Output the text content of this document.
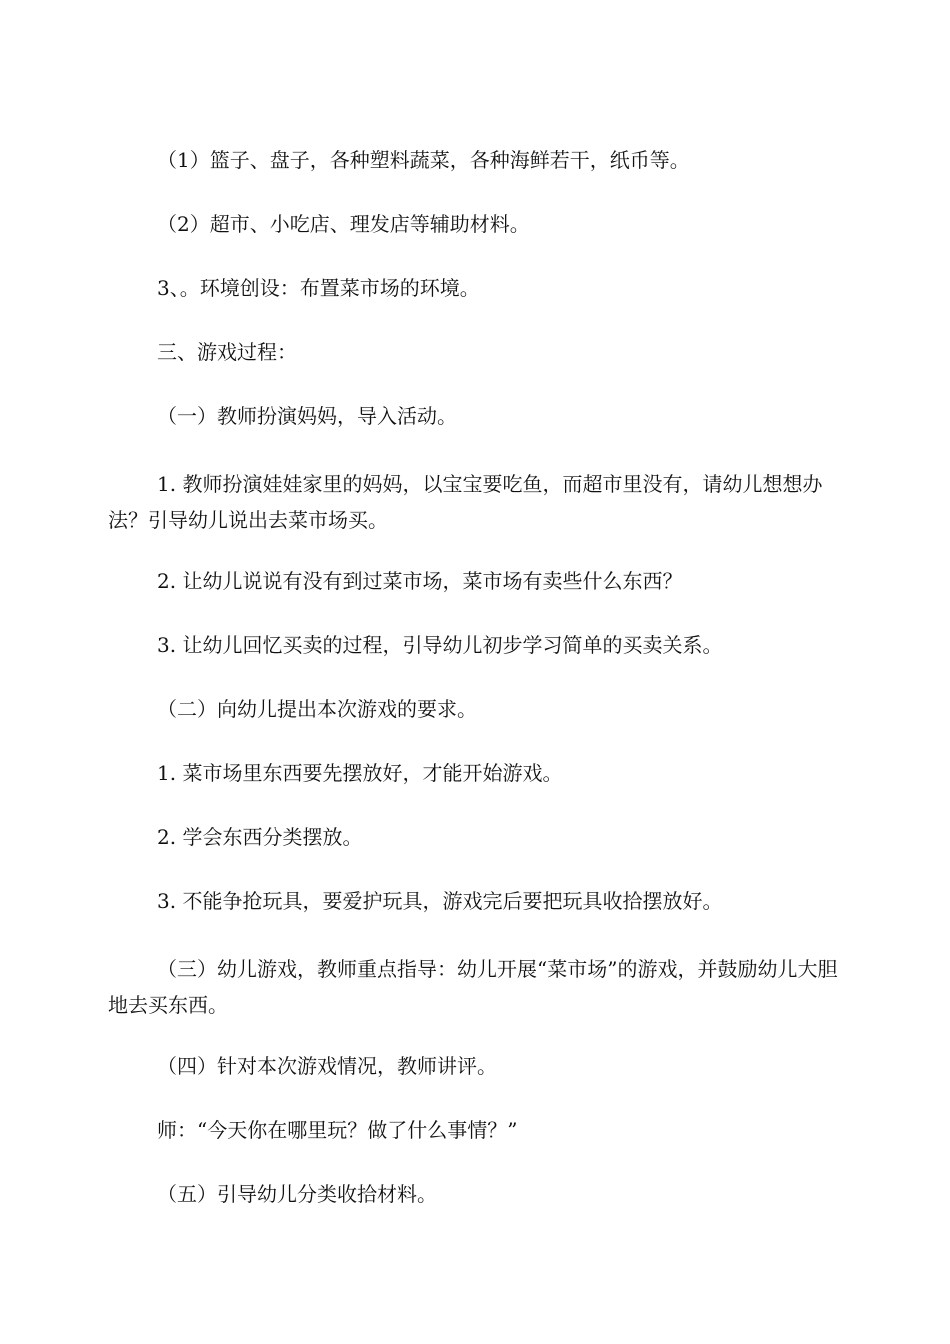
（1）篮子、盘子，各种塑料蔬菜，各种海鲜若干，纸币等。

（2）超市、小吃店、理发店等辅助材料。

3、。环境创设：布置菜市场的环境。

三、游戏过程：

（一）教师扮演妈妈，导入活动。

1. 教师扮演娃娃家里的妈妈，以宝宝要吃鱼，而超市里没有，请幼儿想想办法？引导幼儿说出去菜市场买。

2. 让幼儿说说有没有到过菜市场，菜市场有卖些什么东西？

3. 让幼儿回忆买卖的过程，引导幼儿初步学习简单的买卖关系。

（二）向幼儿提出本次游戏的要求。

1. 菜市场里东西要先摆放好，才能开始游戏。

2. 学会东西分类摆放。

3. 不能争抢玩具，要爱护玩具，游戏完后要把玩具收拾摆放好。

（三）幼儿游戏，教师重点指导：幼儿开展“菜市场”的游戏，并鼓励幼儿大胆地去买东西。

（四）针对本次游戏情况，教师讲评。

师：“今天你在哪里玩？做了什么事情？”

（五）引导幼儿分类收拾材料。
